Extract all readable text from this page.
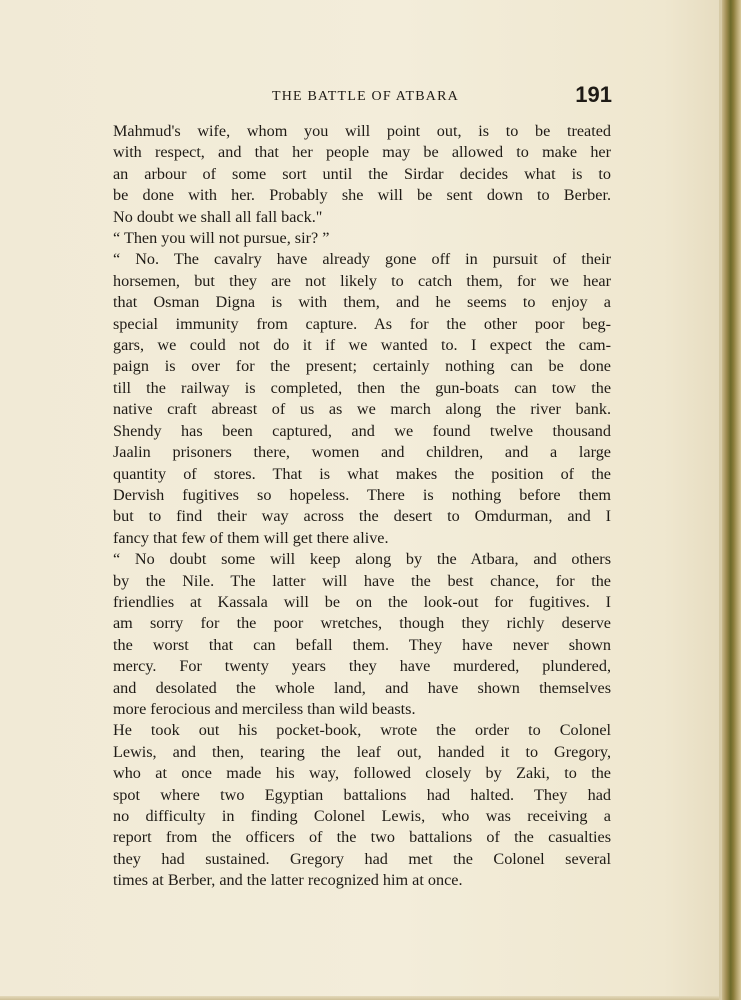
THE BATTLE OF ATBARA	191
Mahmud's wife, whom you will point out, is to be treated
with respect, and that her people may be allowed to make her
an arbour of some sort until the Sirdar decides what is to
be done with her. Probably she will be sent down to Berber.
No doubt we shall all fall back."
“ Then you will not pursue, sir? ”
“ No. The cavalry have already gone off in pursuit of their
horsemen, but they are not likely to catch them, for we hear
that Osman Digna is with them, and he seems to enjoy a
special immunity from capture. As for the other poor beg-
gars, we could not do it if we wanted to. I expect the cam-
paign is over for the present; certainly nothing can be done
till the railway is completed, then the gun-boats can tow the
native craft abreast of us as we march along the river bank.
Shendy has been captured, and we found twelve thousand
Jaalin prisoners there, women and children, and a large
quantity of stores. That is what makes the position of the
Dervish fugitives so hopeless. There is nothing before them
but to find their way across the desert to Omdurman, and I
fancy that few of them will get there alive.
“ No doubt some will keep along by the Atbara, and others
by the Nile. The latter will have the best chance, for the
friendlies at Kassala will be on the look-out for fugitives. I
am sorry for the poor wretches, though they richly deserve
the worst that can befall them. They have never shown
mercy. For twenty years they have murdered, plundered,
and desolated the whole land, and have shown themselves
more ferocious and merciless than wild beasts.
He took out his pocket-book, wrote the order to Colonel
Lewis, and then, tearing the leaf out, handed it to Gregory,
who at once made his way, followed closely by Zaki, to the
spot where two Egyptian battalions had halted. They had
no difficulty in finding Colonel Lewis, who was receiving a
report from the officers of the two battalions of the casualties
they had sustained. Gregory had met the Colonel several
times at Berber, and the latter recognized him at once.
